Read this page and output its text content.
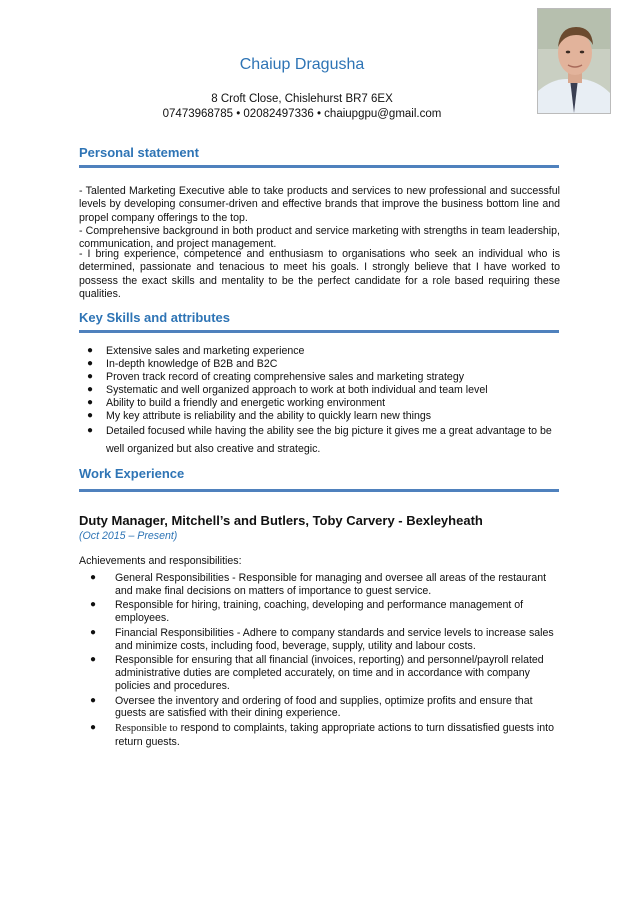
Chaiup Dragusha
8 Croft Close, Chislehurst BR7 6EX
07473968785 • 02082497336 • chaiupgpu@gmail.com
Personal statement

- Talented Marketing Executive able to take products and services to new professional and successful levels by developing consumer-driven and effective brands that improve the business bottom line and propel company offerings to the top.

- Comprehensive background in both product and service marketing with strengths in team leadership, communication, and project management.

- I bring experience, competence and enthusiasm to organisations who seek an individual who is determined, passionate and tenacious to meet his goals. I strongly believe that I have worked to possess the exact skills and mentality to be the perfect candidate for a role based requiring these qualities.

Key Skills and attributes
● Extensive sales and marketing experience
● In-depth knowledge of B2B and B2C
● Proven track record of creating comprehensive sales and marketing strategy
● Systematic and well organized approach to work at both individual and team level
● Ability to build a friendly and energetic working environment
● My key attribute is reliability and the ability to quickly learn new things
● Detailed focused while having the ability see the big picture it gives me a great advantage to be well organized but also creative and strategic.
Work Experience
Duty Manager, Mitchell’s and Butlers, Toby Carvery - Bexleyheath
(Oct 2015 – Present)
Achievements and responsibilities:
● General Responsibilities - Responsible for managing and oversee all areas of the restaurant and make final decisions on matters of importance to guest service.
● Responsible for hiring, training, coaching, developing and performance management of employees.
● Financial Responsibilities - Adhere to company standards and service levels to increase sales and minimize costs, including food, beverage, supply, utility and labour costs.
● Responsible for ensuring that all financial (invoices, reporting) and personnel/payroll related administrative duties are completed accurately, on time and in accordance with company policies and procedures.
● Oversee the inventory and ordering of food and supplies, optimize profits and ensure that guests are satisfied with their dining experience.
● Responsible to respond to complaints, taking appropriate actions to turn dissatisfied guests into return guests.
